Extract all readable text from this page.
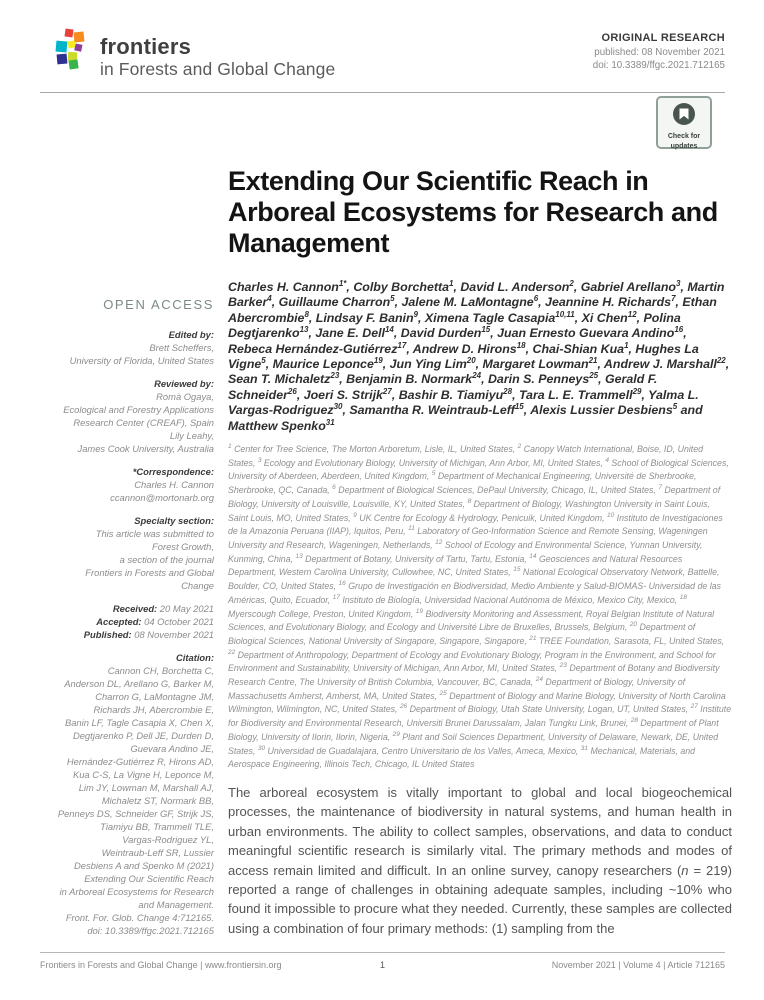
frontiers
in Forests and Global Change
ORIGINAL RESEARCH
published: 08 November 2021
doi: 10.3389/ffgc.2021.712165
Check for
updates
OPEN ACCESS
Edited by:
Brett Scheffers,
University of Florida, United States
Reviewed by:
Romà Ogaya,
Ecological and Forestry Applications
Research Center (CREAF), Spain
Lily Leahy,
James Cook University, Australia
*Correspondence:
Charles H. Cannon
ccannon@mortonarb.org
Specialty section:
This article was submitted to
Forest Growth,
a section of the journal
Frontiers in Forests and Global
Change
Received: 20 May 2021
Accepted: 04 October 2021
Published: 08 November 2021
Citation:
Cannon CH, Borchetta C,
Anderson DL, Arellano G, Barker M,
Charron G, LaMontagne JM,
Richards JH, Abercrombie E,
Banin LF, Tagle Casapia X, Chen X,
Degtjarenko P, Dell JE, Durden D,
Guevara Andino JE,
Hernández-Gutiérrez R, Hirons AD,
Kua C-S, La Vigne H, Leponce M,
Lim JY, Lowman M, Marshall AJ,
Michaletz ST, Normark BB,
Penneys DS, Schneider GF, Strijk JS,
Tiamiyu BB, Trammell TLE,
Vargas-Rodriguez YL,
Weintraub-Leff SR, Lussier
Desbiens A and Spenko M (2021)
Extending Our Scientific Reach
in Arboreal Ecosystems for Research
and Management.
Front. For. Glob. Change 4:712165.
doi: 10.3389/ffgc.2021.712165
Extending Our Scientific Reach in Arboreal Ecosystems for Research and Management
Charles H. Cannon$^{1*}$, Colby Borchetta$^1$, David L. Anderson$^2$, Gabriel Arellano$^3$, Martin Barker$^4$, Guillaume Charron$^5$, Jalene M. LaMontagne$^6$, Jeannine H. Richards$^7$, Ethan Abercrombie$^8$, Lindsay F. Banin$^9$, Ximena Tagle Casapia$^{10,11}$, Xi Chen$^{12}$, Polina Degtjarenko$^{13}$, Jane E. Dell$^{14}$, David Durden$^{15}$, Juan Ernesto Guevara Andino$^{16}$, Rebeca Hernández-Gutiérrez$^{17}$, Andrew D. Hirons$^{18}$, Chai-Shian Kua$^1$, Hughes La Vigne$^5$, Maurice Leponce$^{19}$, Jun Ying Lim$^{20}$, Margaret Lowman$^{21}$, Andrew J. Marshall$^{22}$, Sean T. Michaletz$^{23}$, Benjamin B. Normark$^{24}$, Darin S. Penneys$^{25}$, Gerald F. Schneider$^{26}$, Joeri S. Strijk$^{27}$, Bashir B. Tiamiyu$^{28}$, Tara L. E. Trammell$^{29}$, Yalma L. Vargas-Rodriguez$^{30}$, Samantha R. Weintraub-Leff$^{15}$, Alexis Lussier Desbiens$^5$ and Matthew Spenko$^{31}$
$^1$ Center for Tree Science, The Morton Arboretum, Lisle, IL, United States, $^2$ Canopy Watch International, Boise, ID, United States, $^3$ Ecology and Evolutionary Biology, University of Michigan, Ann Arbor, MI, United States, $^4$ School of Biological Sciences, University of Aberdeen, Aberdeen, United Kingdom, $^5$ Department of Mechanical Engineering, Université de Sherbrooke, Sherbrooke, QC, Canada, $^6$ Department of Biological Sciences, DePaul University, Chicago, IL, United States, $^7$ Department of Biology, University of Louisville, Louisville, KY, United States, $^8$ Department of Biology, Washington University in Saint Louis, Saint Louis, MO, United States, $^9$ UK Centre for Ecology & Hydrology, Penicuik, United Kingdom, $^{10}$ Instituto de Investigaciones de la Amazonia Peruana (IIAP), Iquitos, Peru, $^{11}$ Laboratory of Geo-Information Science and Remote Sensing, Wageningen University and Research, Wageningen, Netherlands, $^{12}$ School of Ecology and Environmental Science, Yunnan University, Kunming, China, $^{13}$ Department of Botany, University of Tartu, Tartu, Estonia, $^{14}$ Geosciences and Natural Resources Department, Western Carolina University, Cullowhee, NC, United States, $^{15}$ National Ecological Observatory Network, Battelle, Boulder, CO, United States, $^{16}$ Grupo de Investigación en Biodiversidad, Medio Ambiente y Salud-BIOMAS- Universidad de las Américas, Quito, Ecuador, $^{17}$ Instituto de Biología, Universidad Nacional Autónoma de México, Mexico City, Mexico, $^{18}$ Myerscough College, Preston, United Kingdom, $^{19}$ Biodiversity Monitoring and Assessment, Royal Belgian Institute of Natural Sciences, and Evolutionary Biology, and Ecology and Université Libre de Bruxelles, Brussels, Belgium, $^{20}$ Department of Biological Sciences, National University of Singapore, Singapore, Singapore, $^{21}$ TREE Foundation, Sarasota, FL, United States, $^{22}$ Department of Anthropology, Department of Ecology and Evolutionary Biology, Program in the Environment, and School for Environment and Sustainability, University of Michigan, Ann Arbor, MI, United States, $^{23}$ Department of Botany and Biodiversity Research Centre, The University of British Columbia, Vancouver, BC, Canada, $^{24}$ Department of Biology, University of Massachusetts Amherst, Amherst, MA, United States, $^{25}$ Department of Biology and Marine Biology, University of North Carolina Wilmington, Wilmington, NC, United States, $^{26}$ Department of Biology, Utah State University, Logan, UT, United States, $^{27}$ Institute for Biodiversity and Environmental Research, Universiti Brunei Darussalam, Jalan Tungku Link, Brunei, $^{28}$ Department of Plant Biology, University of Ilorin, Ilorin, Nigeria, $^{29}$ Plant and Soil Sciences Department, University of Delaware, Newark, DE, United States, $^{30}$ Universidad de Guadalajara, Centro Universitario de los Valles, Ameca, Mexico, $^{31}$ Mechanical, Materials, and Aerospace Engineering, Illinois Tech, Chicago, IL United States

The arboreal ecosystem is vitally important to global and local biogeochemical processes, the maintenance of biodiversity in natural systems, and human health in urban environments. The ability to collect samples, observations, and data to conduct meaningful scientific research is similarly vital. The primary methods and modes of access remain limited and difficult. In an online survey, canopy researchers (n = 219) reported a range of challenges in obtaining adequate samples, including ~10% who found it impossible to procure what they needed. Currently, these samples are collected using a combination of four primary methods: (1) sampling from the

Frontiers in Forests and Global Change | www.frontiersin.org	1	November 2021 | Volume 4 | Article 712165
